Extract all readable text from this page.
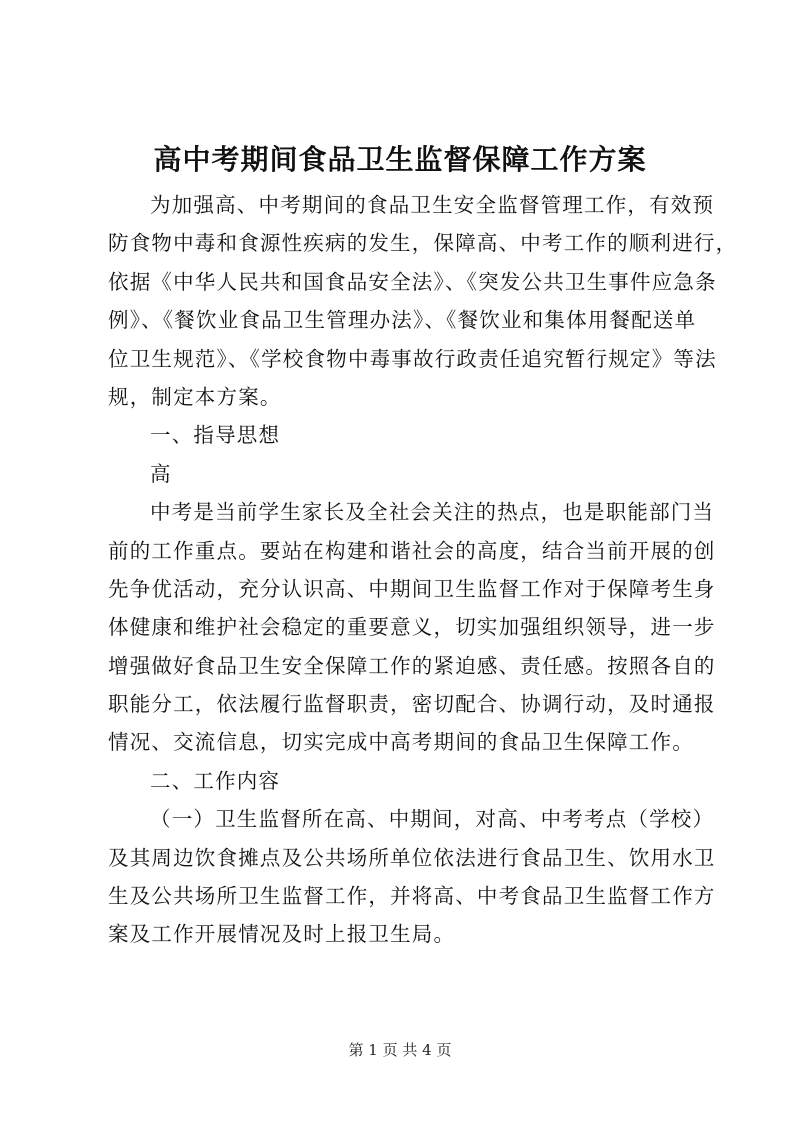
高中考期间食品卫生监督保障工作方案
为加强高、中考期间的食品卫生安全监督管理工作，有效预
防食物中毒和食源性疾病的发生，保障高、中考工作的顺利进行，
依据《中华人民共和国食品安全法》、《突发公共卫生事件应急条
例》、《餐饮业食品卫生管理办法》、《餐饮业和集体用餐配送单
位卫生规范》、《学校食物中毒事故行政责任追究暂行规定》等法
规，制定本方案。
一、指导思想
高
中考是当前学生家长及全社会关注的热点，也是职能部门当
前的工作重点。要站在构建和谐社会的高度，结合当前开展的创
先争优活动，充分认识高、中期间卫生监督工作对于保障考生身
体健康和维护社会稳定的重要意义，切实加强组织领导，进一步
增强做好食品卫生安全保障工作的紧迫感、责任感。按照各自的
职能分工，依法履行监督职责，密切配合、协调行动，及时通报
情况、交流信息，切实完成中高考期间的食品卫生保障工作。
二、工作内容
（一）卫生监督所在高、中期间，对高、中考考点（学校）
及其周边饮食摊点及公共场所单位依法进行食品卫生、饮用水卫
生及公共场所卫生监督工作，并将高、中考食品卫生监督工作方
案及工作开展情况及时上报卫生局。
第 1 页 共 4 页
